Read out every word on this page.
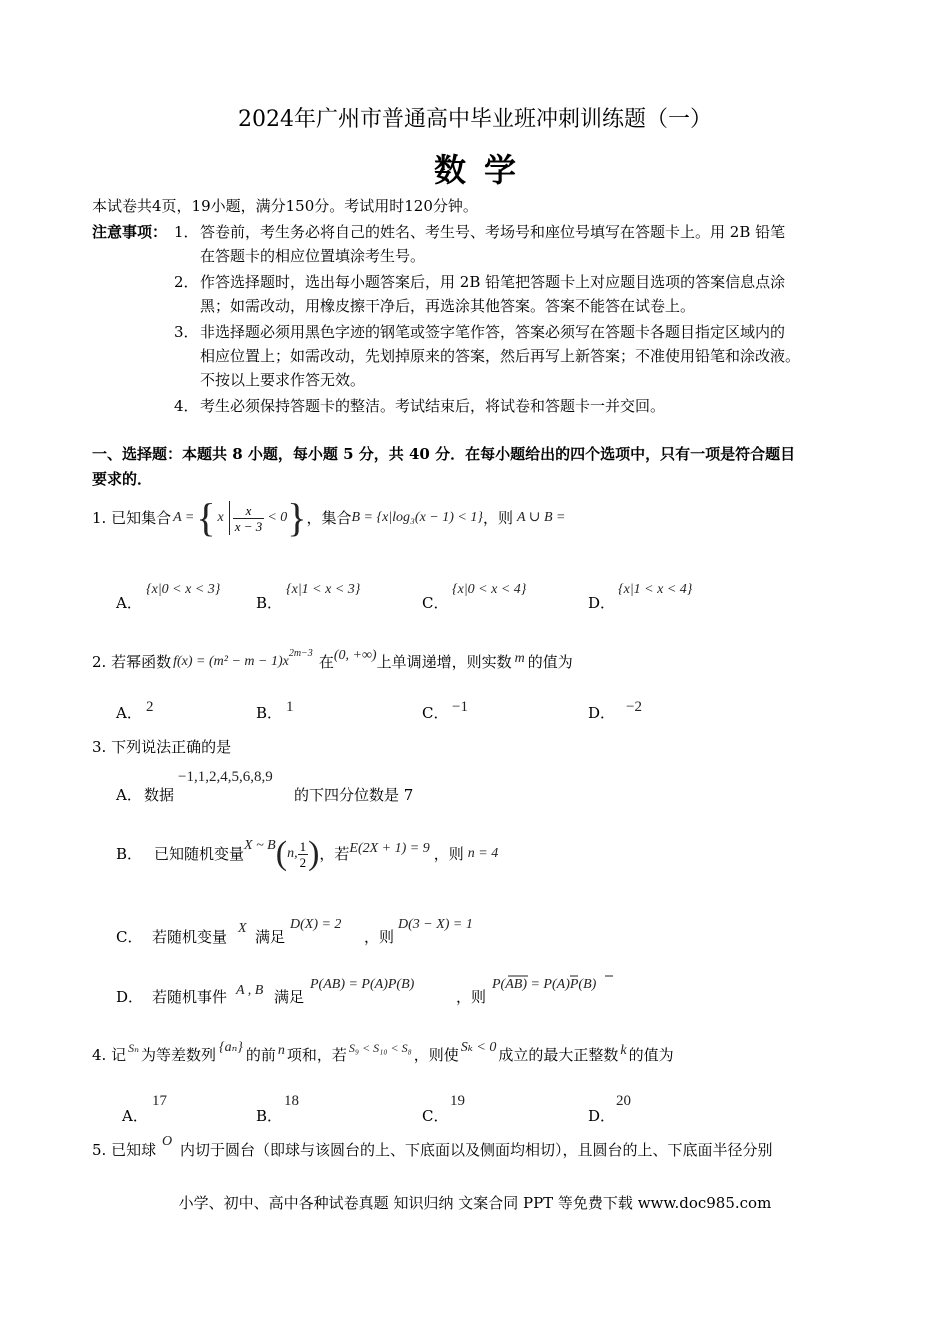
2024年广州市普通高中毕业班冲刺训练题（一）
数学
本试卷共4页，19小题，满分150分。考试用时120分钟。
注意事项： 1． 答卷前，考生务必将自己的姓名、考生号、考场号和座位号填写在答题卡上。用 2B 铅笔
在答题卡的相应位置填涂考生号。
2． 作答选择题时，选出每小题答案后，用 2B 铅笔把答题卡上对应题目选项的答案信息点涂
黑；如需改动，用橡皮擦干净后，再选涂其他答案。答案不能答在试卷上。
3． 非选择题必须用黑色字迹的钢笔或签字笔作答，答案必须写在答题卡各题目指定区域内的
相应位置上；如需改动，先划掉原来的答案，然后再写上新答案；不准使用铅笔和涂改液。
不按以上要求作答无效。
4． 考生必须保持答题卡的整洁。考试结束后，将试卷和答题卡一并交回。
一、选择题：本题共 8 小题，每小题 5 分，共 40 分．在每小题给出的四个选项中，只有一项是符合题目
要求的．
1. 已知集合 A = { x $\frac{x}{x - 3} < 0$ } ，集合 B = {x|log₃(x − 1) < 1} ，则 A ∪ B =
A．
{x|0 < x < 3}
B．
{x|1 < x < 3}
C．
{x|0 < x < 4}
D．
{x|1 < x < 4}
2. 若幂函数 f(x) = (m² − m − 1)x
2m−3 在 (0, +∞) 上单调递增，则实数 m 的值为
A． 2	B． 1	C． −1	D． −2
3. 下列说法正确的是
A． 数据
−1,1,2,4,5,6,8,9
的下四分位数是 7
B． 已知随机变量 X ~ B ( n, $\frac{1}{2}$ ) ，若 E(2X + 1) = 9 ，则 n = 4
C． 若随机变量 X 满足
D(X) = 2
，则
D(3 − X) = 1
D． 若随机事件 A , B 满足
P(AB) = P(A)P(B)
，则
P(AB) = P(A)P(B)
4. 记 Sₙ 为等差数列 {aₙ} 的前 n 项和，若 S₉ < S₁₀ < S₈ ，则使 Sₖ < 0 成立的最大正整数 k 的值为
A．
17
B．
18
C．
19
D．
20
5. 已知球 O 内切于圆台（即球与该圆台的上、下底面以及侧面均相切），且圆台的上、下底面半径分别
小学、初中、高中各种试卷真题 知识归纳 文案合同 PPT 等免费下载 www.doc985.com
